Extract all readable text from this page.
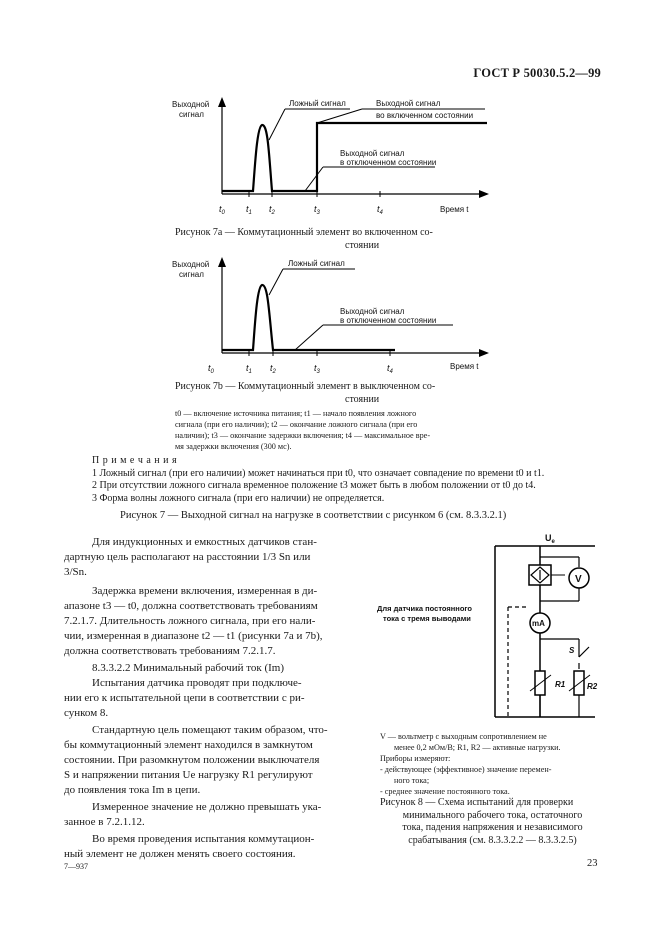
ГОСТ Р 50030.5.2—99
Выходной
сигнал
Ложный сигнал	Выходной сигнал
во включенном состоянии
Выходной сигнал
в отключенном состоянии
$t_0$ $t_1$ $t_2$	$t_3$	$t_4$	Время t
Рисунок 7а — Коммутационный элемент во включенном со-
стоянии
Выходной
сигнал
Ложный сигнал
Выходной сигнал
в отключенном состоянии
$t_0$	$t_1$ $t_2$	$t_3$	$t_4$
Время t
Рисунок 7b — Коммутационный элемент в выключенном со-
стоянии
t0 — включение источника питания; t1 — начало появления ложного
сигнала (при его наличии); t2 — окончание ложного сигнала (при его
наличии); t3 — окончание задержки включения; t4 — максимальное вре-
мя задержки включения (300 мс).
П р и м е ч а н и я
1 Ложный сигнал (при его наличии) может начинаться при t0, что означает совпадение по времени t0 и t1.
2 При отсутствии ложного сигнала временное положение t3 может быть в любом положении от t0 до t4.
3 Форма волны ложного сигнала (при его наличии) не определяется.
Рисунок 7 — Выходной сигнал на нагрузке в соответствии с рисунком 6 (см. 8.3.3.2.1)

Для индукционных и емкостных датчиков стан-

дартную цель располагают на расстоянии 1/3 Sn или

3/Sn.

Задержка времени включения, измеренная в ди-

апазоне t3 — t0, должна соответствовать требованиям

7.2.1.7. Длительность ложного сигнала, при его нали-

чии, измеренная в диапазоне t2 — t1 (рисунки 7а и 7b),

должна соответствовать требованиям 7.2.1.7.

8.3.3.2.2 Минимальный рабочий ток (Im)

Испытания датчика проводят при подключе-

нии его к испытательной цепи в соответствии с ри-

сунком 8.

Стандартную цель помещают таким образом, что-

бы коммутационный элемент находился в замкнутом

состоянии. При разомкнутом положении выключателя

S и напряжении питания Ue нагрузку R1 регулируют

до появления тока Im в цепи.

Измеренное значение не должно превышать ука-

занное в 7.2.1.12.

Во время проведения испытания коммутацион-

ный элемент не должен менять своего состояния.

$U_e$
V
mA
S
R1	R2
Для датчика постоянного
тока с тремя выводами
V — вольтметр с выходным сопротивлением не
менее 0,2 мОм/В; R1, R2 — активные нагрузки.
Приборы измеряют:
- действующее (эффективное) значение перемен-
ного тока;
- среднее значение постоянного тока.
Рисунок 8 — Схема испытаний для проверки
минимального рабочего тока, остаточного
тока, падения напряжения и независимого
срабатывания (см. 8.3.3.2.2 — 8.3.3.2.5)
7—937	23
